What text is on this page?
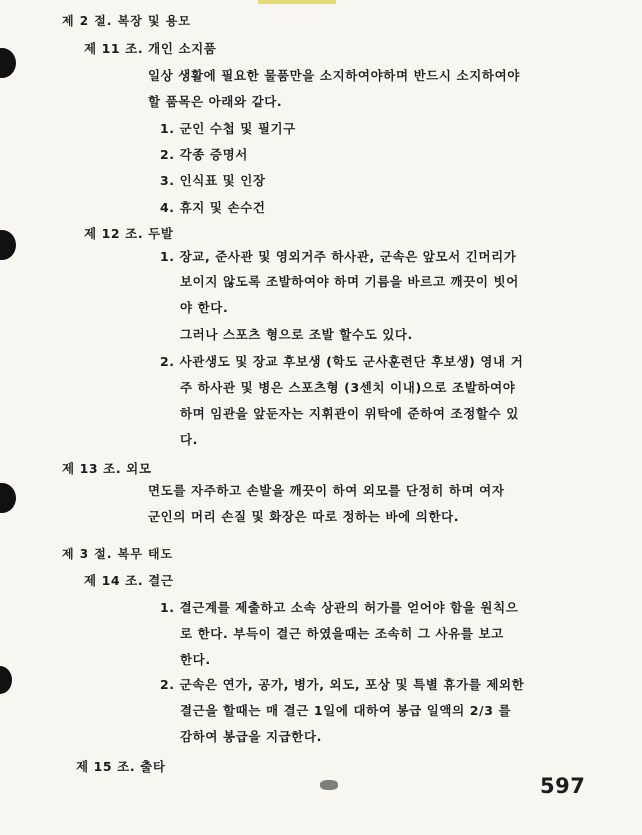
제 2 절. 복장 및 용모
제 11 조. 개인 소지품
일상 생활에 필요한 물품만을 소지하여야하며 반드시 소지하여야
할 품목은 아래와 같다.
1. 군인 수첩 및 필기구
2. 각종 증명서
3. 인식표 및 인장
4. 휴지 및 손수건
제 12 조. 두발
1. 장교, 준사관 및 영외거주 하사관, 군속은 앞모서 긴머리가
보이지 않도록 조발하여야 하며 기름을 바르고 깨끗이 빗어
야 한다.
그러나 스포츠 형으로 조발 할수도 있다.
2. 사관생도 및 장교 후보생 (학도 군사훈련단 후보생) 영내 거
주 하사관 및 병은 스포츠형 (3센치 이내)으로 조발하여야
하며 임관을 앞둔자는 지휘관이 위탁에 준하여 조정할수 있
다.
제 13 조. 외모
면도를 자주하고 손발을 깨끗이 하여 외모를 단정히 하며 여자
군인의 머리 손질 및 화장은 따로 정하는 바에 의한다.
제 3 절. 복무 태도
제 14 조. 결근
1. 결근계를 제출하고 소속 상관의 허가를 얻어야 함을 원칙으
로 한다. 부득이 결근 하였을때는 조속히 그 사유를 보고
한다.
2. 군속은 연가, 공가, 병가, 외도, 포상 및 특별 휴가를 제외한
결근을 할때는 매 결근 1일에 대하여 봉급 일액의 2/3 를
감하여 봉급을 지급한다.
제 15 조. 출타
597
